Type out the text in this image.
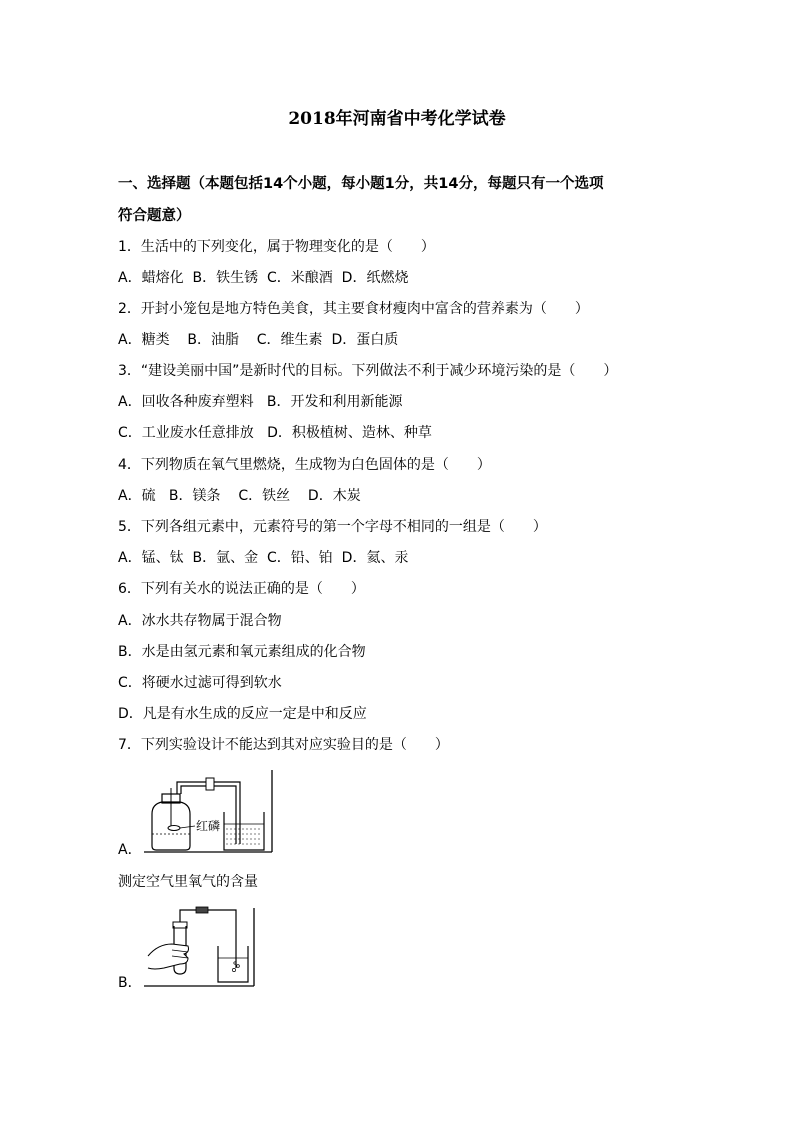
2018年河南省中考化学试卷
一、选择题（本题包括14个小题，每小题1分，共14分，每题只有一个选项
符合题意）
1．生活中的下列变化，属于物理变化的是（　　）
A．蜡熔化  B．铁生锈  C．米酿酒  D．纸燃烧
2．开封小笼包是地方特色美食，其主要食材瘦肉中富含的营养素为（　　）
A．糖类    B．油脂    C．维生素  D．蛋白质
3．“建设美丽中国”是新时代的目标。下列做法不利于减少环境污染的是（　　）
A．回收各种废弃塑料   B．开发和利用新能源
C．工业废水任意排放   D．积极植树、造林、种草
4．下列物质在氧气里燃烧，生成物为白色固体的是（　　）
A．硫   B．镁条    C．铁丝    D．木炭
5．下列各组元素中，元素符号的第一个字母不相同的一组是（　　）
A．锰、钛  B．氩、金  C．铅、铂  D．氦、汞
6．下列有关水的说法正确的是（　　）
A．冰水共存物属于混合物
B．水是由氢元素和氧元素组成的化合物
C．将硬水过滤可得到软水
D．凡是有水生成的反应一定是中和反应
7．下列实验设计不能达到其对应实验目的是（　　）
A．
红磷
测定空气里氧气的含量
B．
